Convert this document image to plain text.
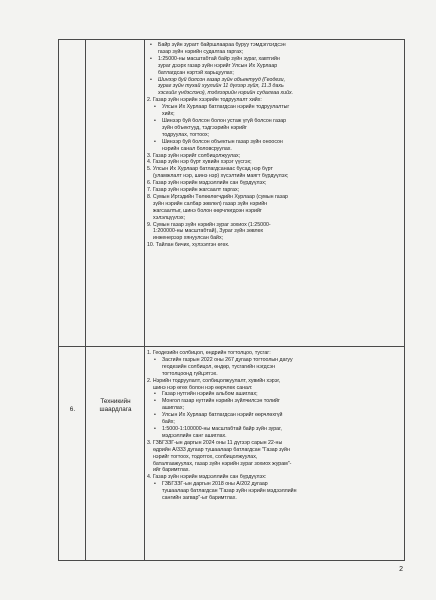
• Байр зүйн зурагт байршлаараа буруу тэмдэглэгдсэн
газар зүйн нэрийн судалгаа гаргах;
• 1:25000-ны масштабтай байр зүйн зураг, хавтгийн
зураг дээрх газар зүйн нэрийг Улсын Их Хурлаар
батлагдсан нэртэй харьцуулах;
• Шинээр буй болсон газар зүйн объектууд (Геодези,
зураг зүйн тухай хуулийн 11 дүгээр зүйл, 11.3 дахь
хэсгийг үндэслэнэ), тэдгээрийн нэрийн судалгаа хийх.
2. Газар зүйн нэрийн хээрийн тодруулалт хийх:
• Улсын Их Хурлаар батлагдсан нэрийн тодруулалтыг
хийх;
• Шинээр буй болсон болон устаж үгүй болсон газар
зүйн объектууд, тэдгээрийн нэрийг
тодруулах, тогтоох;
• Шинээр буй болсон объектын газар зүйн оноосон
нэрийн санал боловсруулах.
3. Газар зүйн нэрийг солбицолжуулах;
4. Газар зүйн нэр бүрт хувийн хэрэг үүсгэх;
5. Улсын Их Хурлаар батлагдсанаас бусад нэр бүрт
(уламжлалт нэр, шинэ нэр) хүсэлтийн маягт бүрдүүлэх;
6. Газар зүйн нэрийн мэдээллийн сан бүрдүүлэх;
7. Газар зүйн нэрийн жагсаалт гаргах;
8. Сумын Иргэдийн Төлөөлөгчдийн Хурлаар (сумын газар
зүйн нэрийн салбар зөвлөл) газар зүйн нэрийн
жагсаалтыг, шинэ болон өөрчлөгдсөн нэрийг
хэлэлцүүлэх;
9. Сумын газар зүйн нэрийн зураг зохиох (1:25000-
1:200000-ны масштабтай), Зураг зүйн зөвлөх
инженерээр хянуулсан байх;
10. Тайлан бичих, хүлээлгэн өгөх.
1. Геодезийн солбицол, өндрийн тогтолцоо, тусгаг:
• Засгийн газрын 2022 оны 267 дугаар тогтоолын дагуу
геодезийн солбицол, өндөр, тусгагийн нэгдсэн
тогтолцоонд гүйцэтгэх.
2. Нэрийн тодруулалт, солбицолжуулалт, хувийн хэрэг,
шинэ нэр өгөх болон нэр өөрчлөх санал:
• Газар нутгийн нэрийн альбом ашиглах;
• Монгол газар нутгийн нэрийн зүйлчилсэн толийг
ашиглах;
• Улсын Их Хурлаар батлагдсан нэрийг өөрчлөхгүй
байх;
• 1:5000-1:100000-ны масштабтай байр зүйн зураг,
мэдээллийн санг ашиглах.
3. ГЗБГЗЗГ-ын даргын 2024 оны 11 дүгээр сарын 22-ны
өдрийн А/333 дугаар тушаалаар батлагдсан "Газар зүйн
нэрийг тогтоох, тодотгох, солбицолжуулах,
баталгаажуулах, газар зүйн нэрийн зураг зохиох журам"-
ийг баримтлах.
4. Газар зүйн нэрийн мэдээллийн сан бүрдүүлэх:
• ГЗБГЗЗГ-ын даргын 2018 оны А/202 дугаар
тушаалаар батлагдсан "Газар зүйн нэрийн мэдээллийн
сангийн загвар"-ыг баримтлах.
6.
Техникийн
шаардлага
2
